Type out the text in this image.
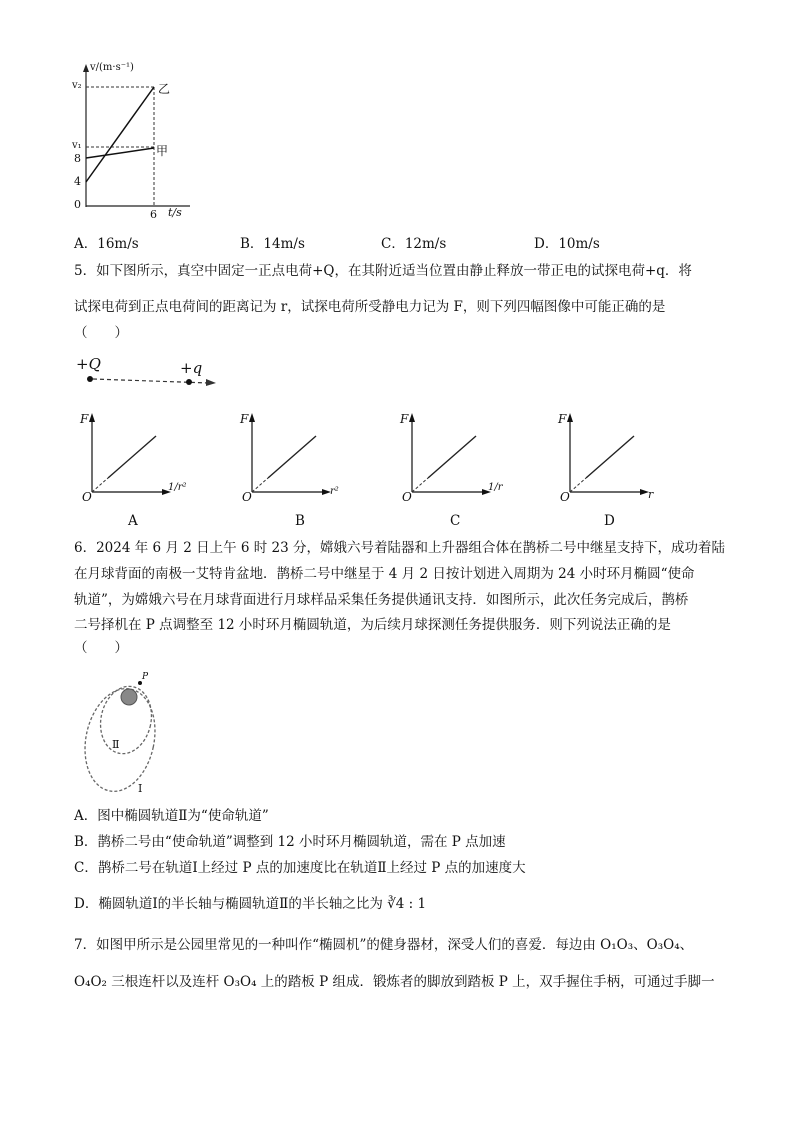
v/(m·s⁻¹)
v₂
v₁
8
4
0
6 t/s
乙
甲
A．16m/s	B．14m/s	C．12m/s	D．10m/s
5．如下图所示，真空中固定一正点电荷+Q，在其附近适当位置由静止释放一带正电的试探电荷+q．将
试探电荷到正点电荷间的距离记为 r，试探电荷所受静电力记为 F，则下列四幅图像中可能正确的是
（　　）
+Q	+q
F
O
1/r²
A
F
O	r²
B
F
O
1/r
C
F
O	r
D
6．2024 年 6 月 2 日上午 6 时 23 分，嫦娥六号着陆器和上升器组合体在鹊桥二号中继星支持下，成功着陆
在月球背面的南极一艾特肯盆地．鹊桥二号中继星于 4 月 2 日按计划进入周期为 24 小时环月椭圆“使命
轨道”，为嫦娥六号在月球背面进行月球样品采集任务提供通讯支持．如图所示，此次任务完成后，鹊桥
二号择机在 P 点调整至 12 小时环月椭圆轨道，为后续月球探测任务提供服务．则下列说法正确的是
（　　）
P
Ⅱ
Ⅰ
A．图中椭圆轨道Ⅱ为“使命轨道”
B．鹊桥二号由“使命轨道”调整到 12 小时环月椭圆轨道，需在 P 点加速
C．鹊桥二号在轨道Ⅰ上经过 P 点的加速度比在轨道Ⅱ上经过 P 点的加速度大
D．椭圆轨道Ⅰ的半长轴与椭圆轨道Ⅱ的半长轴之比为 ∛4 : 1
7．如图甲所示是公园里常见的一种叫作“椭圆机”的健身器材，深受人们的喜爱．每边由 O₁O₃、O₃O₄、
O₄O₂ 三根连杆以及连杆 O₃O₄ 上的踏板 P 组成．锻炼者的脚放到踏板 P 上，双手握住手柄，可通过手脚一
